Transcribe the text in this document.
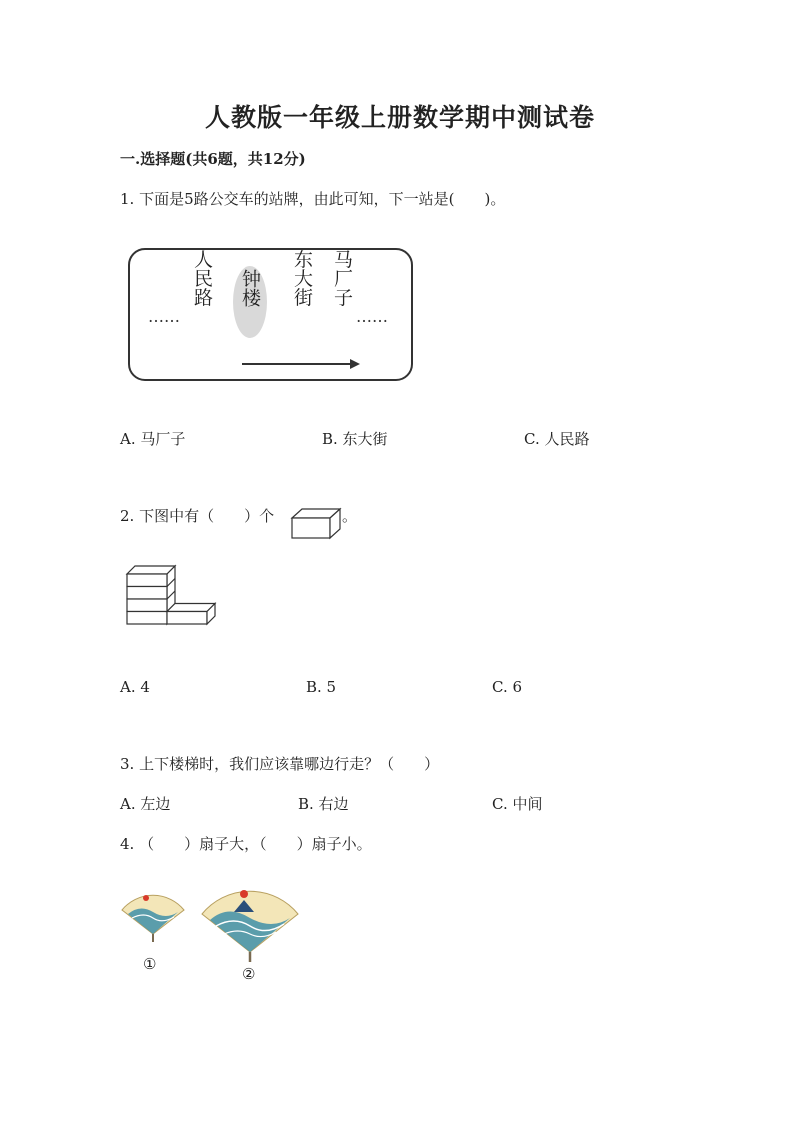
人教版一年级上册数学期中测试卷
一.选择题(共6题，共12分)
1. 下面是5路公交车的站牌，由此可知，下一站是(　　)。
……
人民路 钟楼 东大街 马厂子
……
A. 马厂子	B. 东大街	C. 人民路
2. 下图中有（　　）个	。
A. 4	B. 5	C. 6
3. 上下楼梯时，我们应该靠哪边行走？（　　）
A. 左边	B. 右边	C. 中间
4. （　　）扇子大，（　　）扇子小。
①
②
